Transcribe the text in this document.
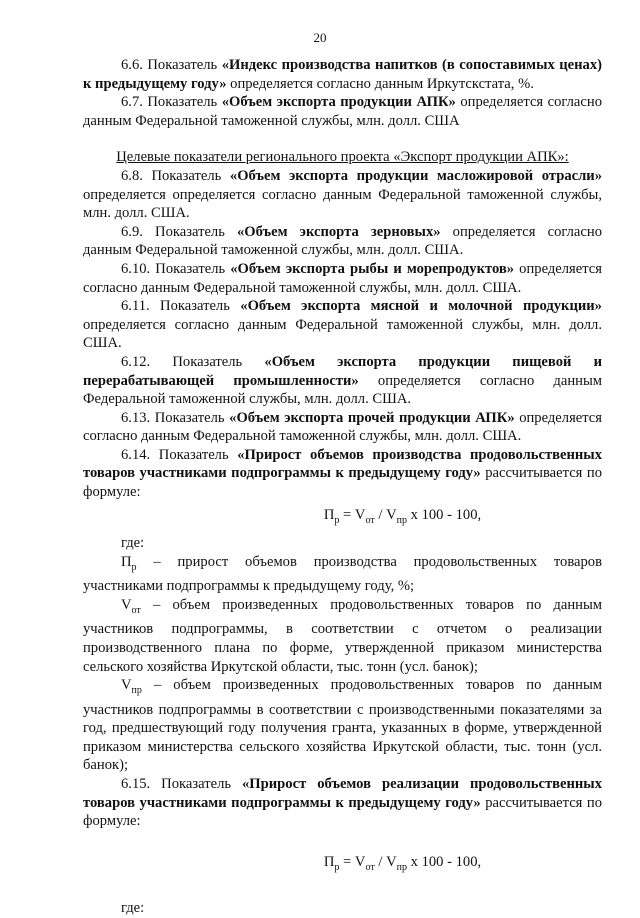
20

6.6. Показатель «Индекс производства напитков (в сопоставимых ценах) к предыдущему году» определяется согласно данным Иркутскстата, %.

6.7. Показатель «Объем экспорта продукции АПК» определяется согласно данным Федеральной таможенной службы, млн. долл. США

Целевые показатели регионального проекта «Экспорт продукции АПК»:

6.8. Показатель «Объем экспорта продукции масложировой отрасли» определяется определяется согласно данным Федеральной таможенной службы, млн. долл. США.

6.9. Показатель «Объем экспорта зерновых» определяется согласно данным Федеральной таможенной службы, млн. долл. США.

6.10. Показатель «Объем экспорта рыбы и морепродуктов» определяется согласно данным Федеральной таможенной службы, млн. долл. США.

6.11. Показатель «Объем экспорта мясной и молочной продукции» определяется согласно данным Федеральной таможенной службы, млн. долл. США.

6.12. Показатель «Объем экспорта продукции пищевой и перерабатывающей промышленности» определяется согласно данным Федеральной таможенной службы, млн. долл. США.

6.13. Показатель «Объем экспорта прочей продукции АПК» определяется согласно данным Федеральной таможенной службы, млн. долл. США.

6.14. Показатель «Прирост объемов производства продовольственных товаров участниками подпрограммы к предыдущему году» рассчитывается по формуле:

$П_р = V_{от} / V_{пр}$ х 100 - 100,

где:

$П_р$ – прирост объемов производства продовольственных товаров участниками подпрограммы к предыдущему году, %;

$V_{от}$ – объем произведенных продовольственных товаров по данным участников подпрограммы, в соответствии с отчетом о реализации производственного плана по форме, утвержденной приказом министерства сельского хозяйства Иркутской области, тыс. тонн (усл. банок);

$V_{пр}$ – объем произведенных продовольственных товаров по данным участников подпрограммы в соответствии с производственными показателями за год, предшествующий году получения гранта, указанных в форме, утвержденной приказом министерства сельского хозяйства Иркутской области, тыс. тонн (усл. банок);

6.15. Показатель «Прирост объемов реализации продовольственных товаров участниками подпрограммы к предыдущему году» рассчитывается по формуле:

$П_р = V_{от} / V_{пр}$ х 100 - 100,

где:
